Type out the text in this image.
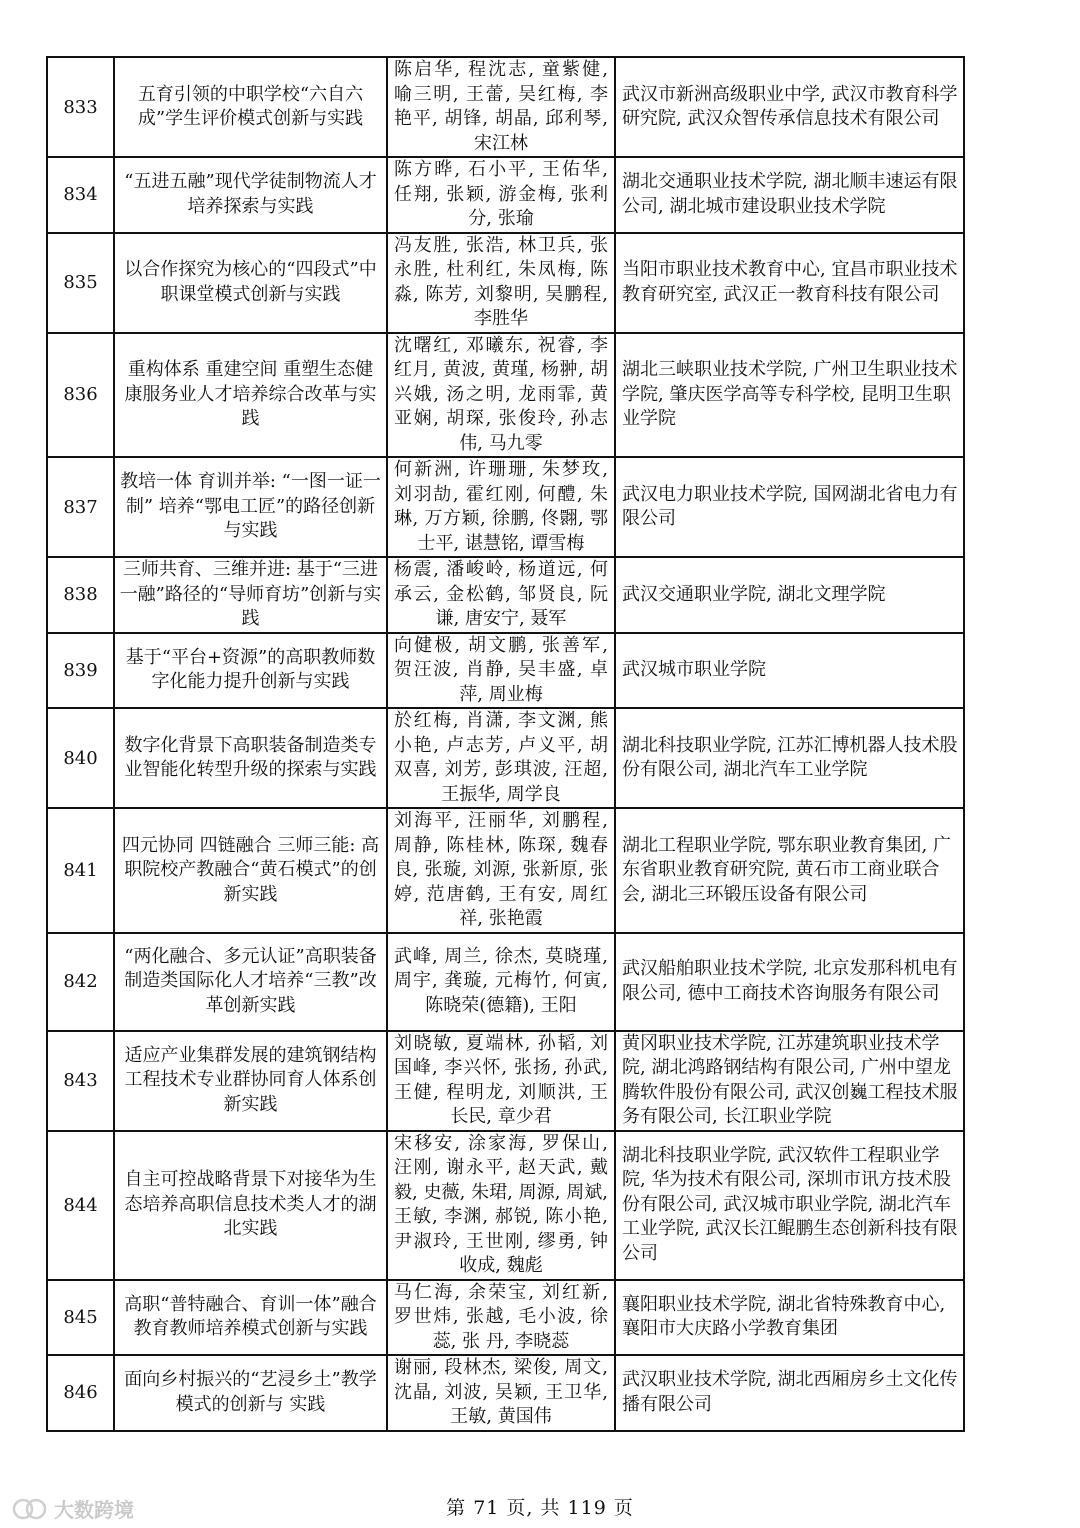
833	五育引领的中职学校“六自六成”学生评价模式创新与实践	陈启华, 程沈志, 童紫健, 喻三明, 王蕾, 吴红梅, 李艳平, 胡锋, 胡晶, 邱利琴, 宋江林	武汉市新洲高级职业中学, 武汉市教育科学研究院, 武汉众智传承信息技术有限公司

834	“五进五融”现代学徒制物流人才培养探索与实践	陈方晔, 石小平, 王佑华, 任翔, 张颖, 游金梅, 张利分, 张瑜	湖北交通职业技术学院, 湖北顺丰速运有限公司, 湖北城市建设职业技术学院

835	以合作探究为核心的“四段式”中职课堂模式创新与实践	冯友胜, 张浩, 林卫兵, 张永胜, 杜利红, 朱凤梅, 陈淼, 陈芳, 刘黎明, 吴鹏程, 李胜华	当阳市职业技术教育中心, 宜昌市职业技术教育研究室, 武汉正一教育科技有限公司

836	重构体系 重建空间 重塑生态健康服务业人才培养综合改革与实践	沈曙红, 邓曦东, 祝睿, 李红月, 黄波, 黄瑾, 杨翀, 胡兴娥, 汤之明, 龙雨霏, 黄亚娴, 胡琛, 张俊玲, 孙志伟, 马九零	湖北三峡职业技术学院, 广州卫生职业技术学院, 肇庆医学高等专科学校, 昆明卫生职业学院

837	教培一体 育训并举: “一图一证一制” 培养“鄂电工匠”的路径创新与实践	何新洲, 许珊珊, 朱梦玫, 刘羽劼, 霍红刚, 何醴, 朱琳, 万方颖, 徐鹏, 佟翾, 鄂士平, 谌慧铭, 谭雪梅	武汉电力职业技术学院, 国网湖北省电力有限公司

838	三师共育、三维并进: 基于“三进一融”路径的“导师育坊”创新与实践	杨震, 潘峻岭, 杨道远, 何承云, 金松鹤, 邹贤良, 阮谦, 唐安宁, 聂军	武汉交通职业学院, 湖北文理学院

839	基于“平台+资源”的高职教师数字化能力提升创新与实践	向健极, 胡文鹏, 张善军, 贺汪波, 肖静, 吴丰盛, 卓萍, 周业梅	武汉城市职业学院

840	数字化背景下高职装备制造类专业智能化转型升级的探索与实践	於红梅, 肖潇, 李文渊, 熊小艳, 卢志芳, 卢义平, 胡双喜, 刘芳, 彭琪波, 汪超, 王振华, 周学良	湖北科技职业学院, 江苏汇博机器人技术股份有限公司, 湖北汽车工业学院

841	四元协同 四链融合 三师三能: 高职院校产教融合“黄石模式”的创新实践	刘海平, 汪丽华, 刘鹏程, 周静, 陈桂林, 陈琛, 魏春良, 张璇, 刘源, 张新原, 张婷, 范唐鹤, 王有安, 周红祥, 张艳霞	湖北工程职业学院, 鄂东职业教育集团, 广东省职业教育研究院, 黄石市工商业联合会, 湖北三环锻压设备有限公司

842	“两化融合、多元认证”高职装备制造类国际化人才培养“三教”改革创新实践	武峰, 周兰, 徐杰, 莫晓瑾, 周宇, 龚璇, 元梅竹, 何寅, 陈晓荣(德籍), 王阳	武汉船舶职业技术学院, 北京发那科机电有限公司, 德中工商技术咨询服务有限公司

843	适应产业集群发展的建筑钢结构工程技术专业群协同育人体系创新实践	刘晓敏, 夏端林, 孙韬, 刘国峰, 李兴怀, 张扬, 孙武, 王健, 程明龙, 刘顺洪, 王长民, 章少君	黄冈职业技术学院, 江苏建筑职业技术学院, 湖北鸿路钢结构有限公司, 广州中望龙腾软件股份有限公司, 武汉创巍工程技术服务有限公司, 长江职业学院

844	自主可控战略背景下对接华为生态培养高职信息技术类人才的湖北实践	宋移安, 涂家海, 罗保山, 汪刚, 谢永平, 赵天武, 戴毅, 史薇, 朱珺, 周源, 周斌, 王敏, 李渊, 郝锐, 陈小艳, 尹淑玲, 王世刚, 缪勇, 钟收成, 魏彪	湖北科技职业学院, 武汉软件工程职业学院, 华为技术有限公司, 深圳市讯方技术股份有限公司, 武汉城市职业学院, 湖北汽车工业学院, 武汉长江鲲鹏生态创新科技有限公司

845	高职“普特融合、育训一体”融合教育教师培养模式创新与实践	马仁海, 余荣宝, 刘红新, 罗世炜, 张越, 毛小波, 徐蕊, 张 丹, 李晓蕊	襄阳职业技术学院, 湖北省特殊教育中心, 襄阳市大庆路小学教育集团

846	面向乡村振兴的“艺浸乡土”教学模式的创新与 实践	谢丽, 段林杰, 梁俊, 周文, 沈晶, 刘波, 吴颖, 王卫华, 王敏, 黄国伟	武汉职业技术学院, 湖北西厢房乡土文化传播有限公司
第 71 页, 共 119 页
大数跨境
